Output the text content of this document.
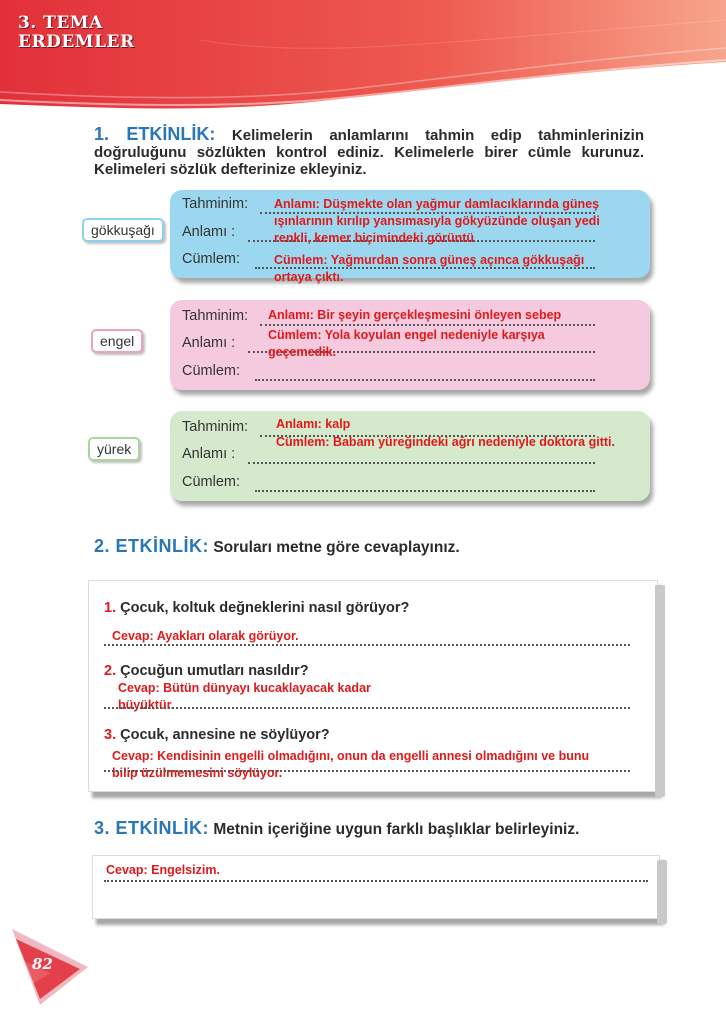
3. TEMA
ERDEMLER
1. ETKİNLİK: Kelimelerin anlamlarını tahmin edip tahminlerinizin doğruluğunu sözlükten kontrol ediniz. Kelimelerle birer cümle kurunuz. Kelimeleri sözlük defterinize ekleyiniz.
gökkuşağı
Tahminim:
Anlamı :
Cümlem:
Anlamı: Düşmekte olan yağmur damlacıklarında güneş ışınlarının kırılıp yansımasıyla gökyüzünde oluşan yedi renkli, kemer biçimindeki görüntü
Cümlem: Yağmurdan sonra güneş açınca gökkuşağı ortaya çıktı.
engel
Tahminim:
Anlamı :
Cümlem:
Anlamı: Bir şeyin gerçekleşmesini önleyen sebep
Cümlem: Yola koyulan engel nedeniyle karşıya geçemedik.
yürek
Tahminim:
Anlamı :
Cümlem:
Anlamı: kalp
Cümlem: Babam yüreğindeki ağrı nedeniyle doktora gitti.
2. ETKİNLİK: Soruları metne göre cevaplayınız.
1. Çocuk, koltuk değneklerini nasıl görüyor?
Cevap: Ayakları olarak görüyor.
2. Çocuğun umutları nasıldır?
Cevap: Bütün dünyayı kucaklayacak kadar büyüktür.
3. Çocuk, annesine ne söylüyor?
Cevap: Kendisinin engelli olmadığını, onun da engelli annesi olmadığını ve bunu bilip üzülmemesini söylüyor.
3. ETKİNLİK: Metnin içeriğine uygun farklı başlıklar belirleyiniz.
Cevap: Engelsizim.
82
